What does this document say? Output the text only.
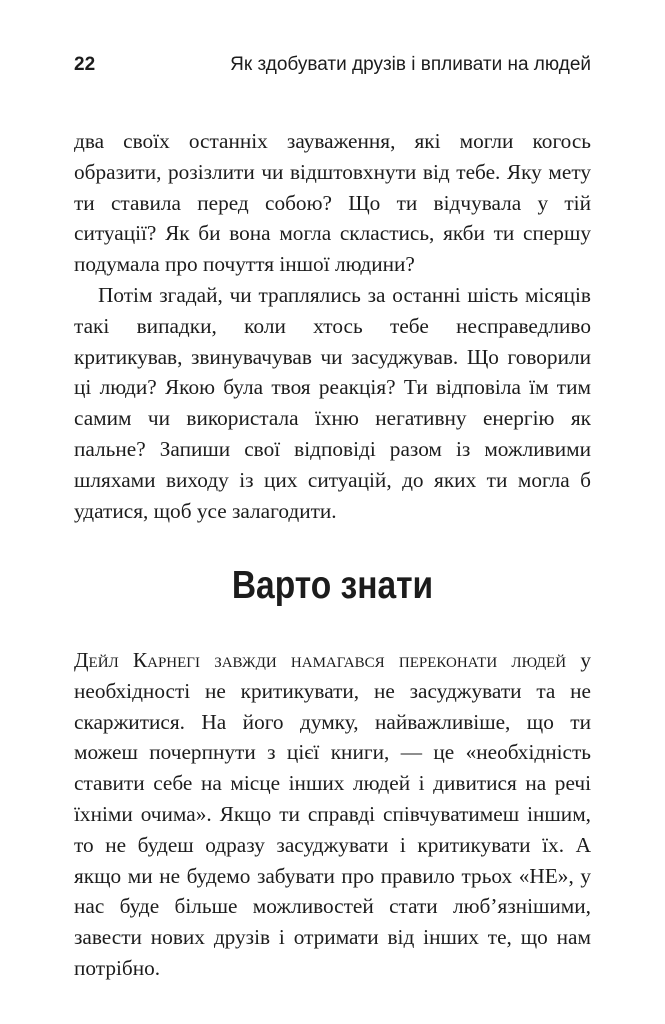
22	Як здобувати друзів і впливати на людей

два своїх останніх зауваження, які могли когось образити, розізлити чи відштовхнути від тебе. Яку мету ти ставила перед собою? Що ти відчувала у тій ситуації? Як би вона могла скластись, якби ти спершу подумала про почуття іншої людини?

Потім згадай, чи траплялись за останні шість місяців такі випадки, коли хтось тебе несправедливо критикував, звинувачував чи засуджував. Що говорили ці люди? Якою була твоя реакція? Ти відповіла їм тим самим чи використала їхню негативну енергію як пальне? Запиши свої відповіді разом із можливими шляхами виходу із цих ситуацій, до яких ти могла б удатися, щоб усе залагодити.

Варто знати

Дейл Карнегі завжди намагався переконати людей у необхідності не критикувати, не засуджувати та не скаржитися. На його думку, найважливіше, що ти можеш почерпнути з цієї книги, — це «необхідність ставити себе на місце інших людей і дивитися на речі їхніми очима». Якщо ти справді співчуватимеш іншим, то не будеш одразу засуджувати і критикувати їх. А якщо ми не будемо забувати про правило трьох «НЕ», у нас буде більше можливостей стати люб’язнішими, завести нових друзів і отримати від інших те, що нам потрібно.
